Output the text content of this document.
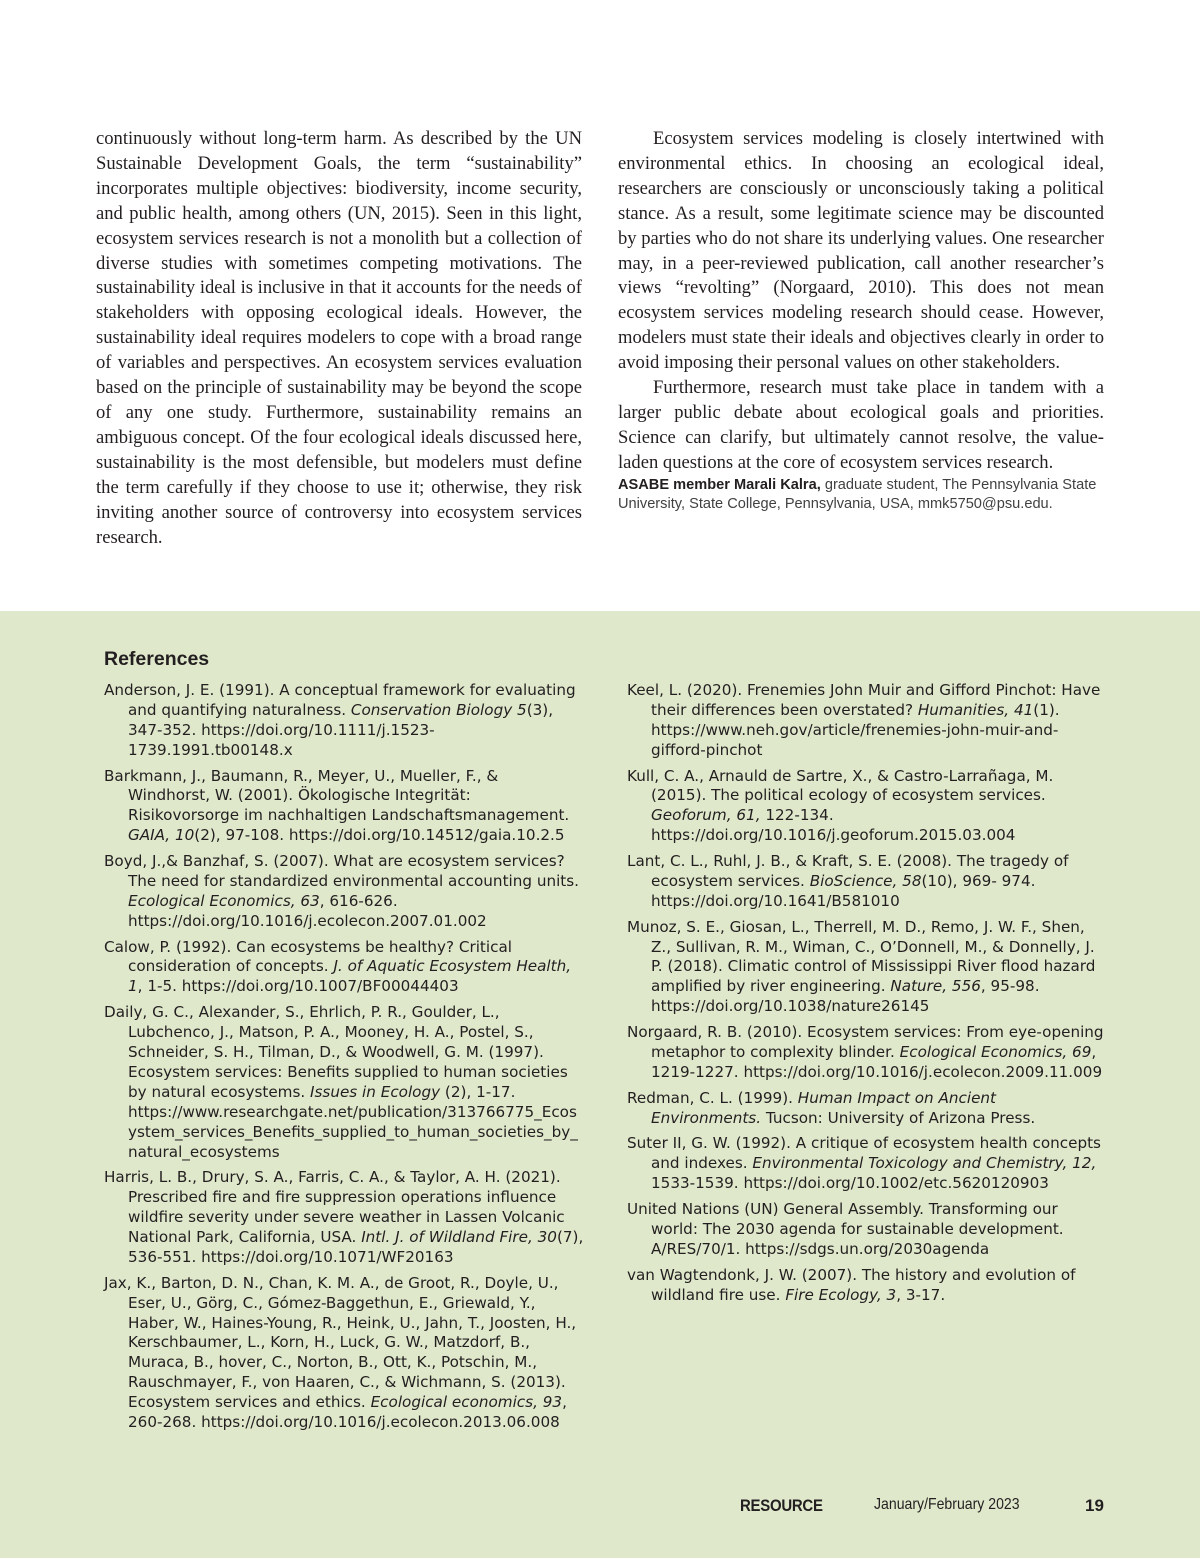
continuously without long-term harm. As described by the UN Sustainable Development Goals, the term “sustainability” incorporates multiple objectives: biodiversity, income security, and public health, among others (UN, 2015). Seen in this light, ecosystem services research is not a monolith but a collection of diverse studies with sometimes competing motivations. The sustainability ideal is inclusive in that it accounts for the needs of stakeholders with opposing ecological ideals. However, the sustainability ideal requires modelers to cope with a broad range of variables and perspectives. An ecosystem services evaluation based on the principle of sustainability may be beyond the scope of any one study. Furthermore, sustainability remains an ambiguous concept. Of the four ecological ideals discussed here, sustainability is the most defensible, but modelers must define the term carefully if they choose to use it; otherwise, they risk inviting another source of controversy into ecosystem services research.

Ecosystem services modeling is closely intertwined with environmental ethics. In choosing an ecological ideal, researchers are consciously or unconsciously taking a political stance. As a result, some legitimate science may be discounted by parties who do not share its underlying values. One researcher may, in a peer-reviewed publication, call another researcher’s views “revolting” (Norgaard, 2010). This does not mean ecosystem services modeling research should cease. However, modelers must state their ideals and objectives clearly in order to avoid imposing their personal values on other stakeholders.

Furthermore, research must take place in tandem with a larger public debate about ecological goals and priorities. Science can clarify, but ultimately cannot resolve, the value-laden questions at the core of ecosystem services research.

ASABE member Marali Kalra, graduate student, The Pennsylvania State University, State College, Pennsylvania, USA, mmk5750@psu.edu.

References

Anderson, J. E. (1991). A conceptual framework for evaluating and quantifying naturalness. Conservation Biology 5(3), 347-352. https://doi.org/10.1111/j.1523-1739.1991.tb00148.x

Barkmann, J., Baumann, R., Meyer, U., Mueller, F., & Windhorst, W. (2001). Ökologische Integrität: Risikovorsorge im nachhaltigen Landschaftsmanagement. GAIA, 10(2), 97-108. https://doi.org/10.14512/gaia.10.2.5

Boyd, J.,& Banzhaf, S. (2007). What are ecosystem services? The need for standardized environmental accounting units. Ecological Economics, 63, 616-626. https://doi.org/10.1016/j.ecolecon.2007.01.002

Calow, P. (1992). Can ecosystems be healthy? Critical consideration of concepts. J. of Aquatic Ecosystem Health, 1, 1-5. https://doi.org/10.1007/BF00044403

Daily, G. C., Alexander, S., Ehrlich, P. R., Goulder, L., Lubchenco, J., Matson, P. A., Mooney, H. A., Postel, S., Schneider, S. H., Tilman, D., & Woodwell, G. M. (1997). Ecosystem services: Benefits supplied to human societies by natural ecosystems. Issues in Ecology (2), 1-17. https://www.researchgate.net/publication/313766775_Ecosystem_services_Benefits_supplied_to_human_societies_by_natural_ecosystems

Harris, L. B., Drury, S. A., Farris, C. A., & Taylor, A. H. (2021). Prescribed fire and fire suppression operations influence wildfire severity under severe weather in Lassen Volcanic National Park, California, USA. Intl. J. of Wildland Fire, 30(7), 536-551. https://doi.org/10.1071/WF20163

Jax, K., Barton, D. N., Chan, K. M. A., de Groot, R., Doyle, U., Eser, U., Görg, C., Gómez-Baggethun, E., Griewald, Y., Haber, W., Haines-Young, R., Heink, U., Jahn, T., Joosten, H., Kerschbaumer, L., Korn, H., Luck, G. W., Matzdorf, B., Muraca, B., hover, C., Norton, B., Ott, K., Potschin, M., Rauschmayer, F., von Haaren, C., & Wichmann, S. (2013). Ecosystem services and ethics. Ecological economics, 93, 260-268. https://doi.org/10.1016/j.ecolecon.2013.06.008

Keel, L. (2020). Frenemies John Muir and Gifford Pinchot: Have their differences been overstated? Humanities, 41(1). https://www.neh.gov/article/frenemies-john-muir-and-gifford-pinchot

Kull, C. A., Arnauld de Sartre, X., & Castro-Larrañaga, M. (2015). The political ecology of ecosystem services. Geoforum, 61, 122-134. https://doi.org/10.1016/j.geoforum.2015.03.004

Lant, C. L., Ruhl, J. B., & Kraft, S. E. (2008). The tragedy of ecosystem services. BioScience, 58(10), 969- 974. https://doi.org/10.1641/B581010

Munoz, S. E., Giosan, L., Therrell, M. D., Remo, J. W. F., Shen, Z., Sullivan, R. M., Wiman, C., O’Donnell, M., & Donnelly, J. P. (2018). Climatic control of Mississippi River flood hazard amplified by river engineering. Nature, 556, 95-98. https://doi.org/10.1038/nature26145

Norgaard, R. B. (2010). Ecosystem services: From eye-opening metaphor to complexity blinder. Ecological Economics, 69, 1219-1227. https://doi.org/10.1016/j.ecolecon.2009.11.009

Redman, C. L. (1999). Human Impact on Ancient Environments. Tucson: University of Arizona Press.

Suter II, G. W. (1992). A critique of ecosystem health concepts and indexes. Environmental Toxicology and Chemistry, 12, 1533-1539. https://doi.org/10.1002/etc.5620120903

United Nations (UN) General Assembly. Transforming our world: The 2030 agenda for sustainable development. A/RES/70/1. https://sdgs.un.org/2030agenda

van Wagtendonk, J. W. (2007). The history and evolution of wildland fire use. Fire Ecology, 3, 3-17.

RESOURCE	January/February 2023	19
